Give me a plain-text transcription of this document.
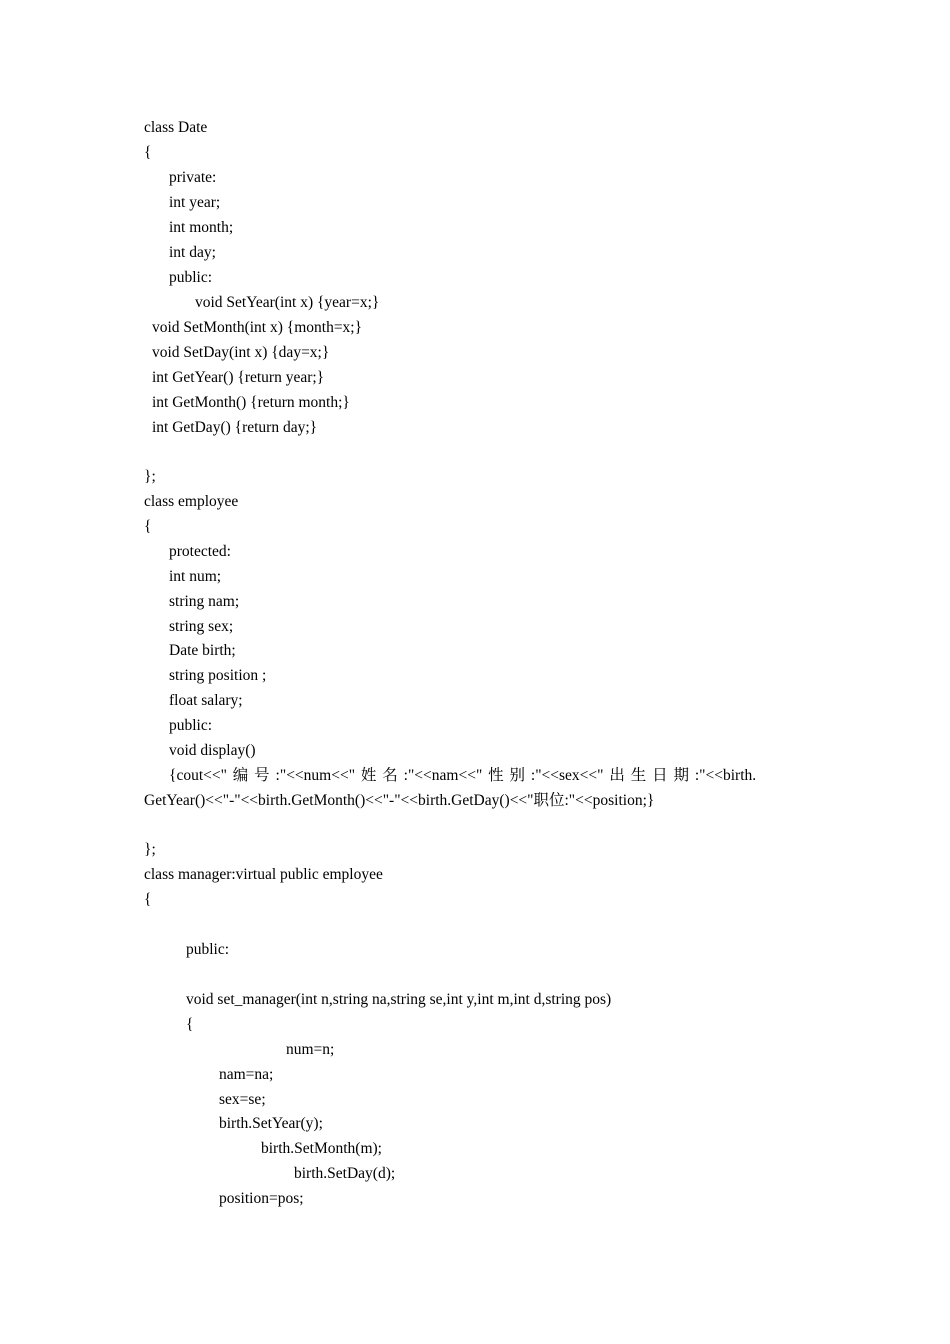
class Date
{
private:
int year;
int month;
int day;
public:
void SetYear(int x) {year=x;}
void SetMonth(int x) {month=x;}
void SetDay(int x) {day=x;}
int GetYear() {return year;}
int GetMonth() {return month;}
int GetDay() {return day;}
};
class employee
{
protected:
int num;
string nam;
string sex;
Date birth;
string position ;
float salary;
public:
void display()
{cout<<" 编 号 :"<<num<<" 姓 名 :"<<nam<<" 性 别 :"<<sex<<" 出 生 日 期 :"<<birth.
GetYear()<<"-"<<birth.GetMonth()<<"-"<<birth.GetDay()<<"职位:"<<position;}
};
class manager:virtual public employee
{
public:
void set_manager(int n,string na,string se,int y,int m,int d,string pos)
{
num=n;
nam=na;
sex=se;
birth.SetYear(y);
birth.SetMonth(m);
birth.SetDay(d);
position=pos;
